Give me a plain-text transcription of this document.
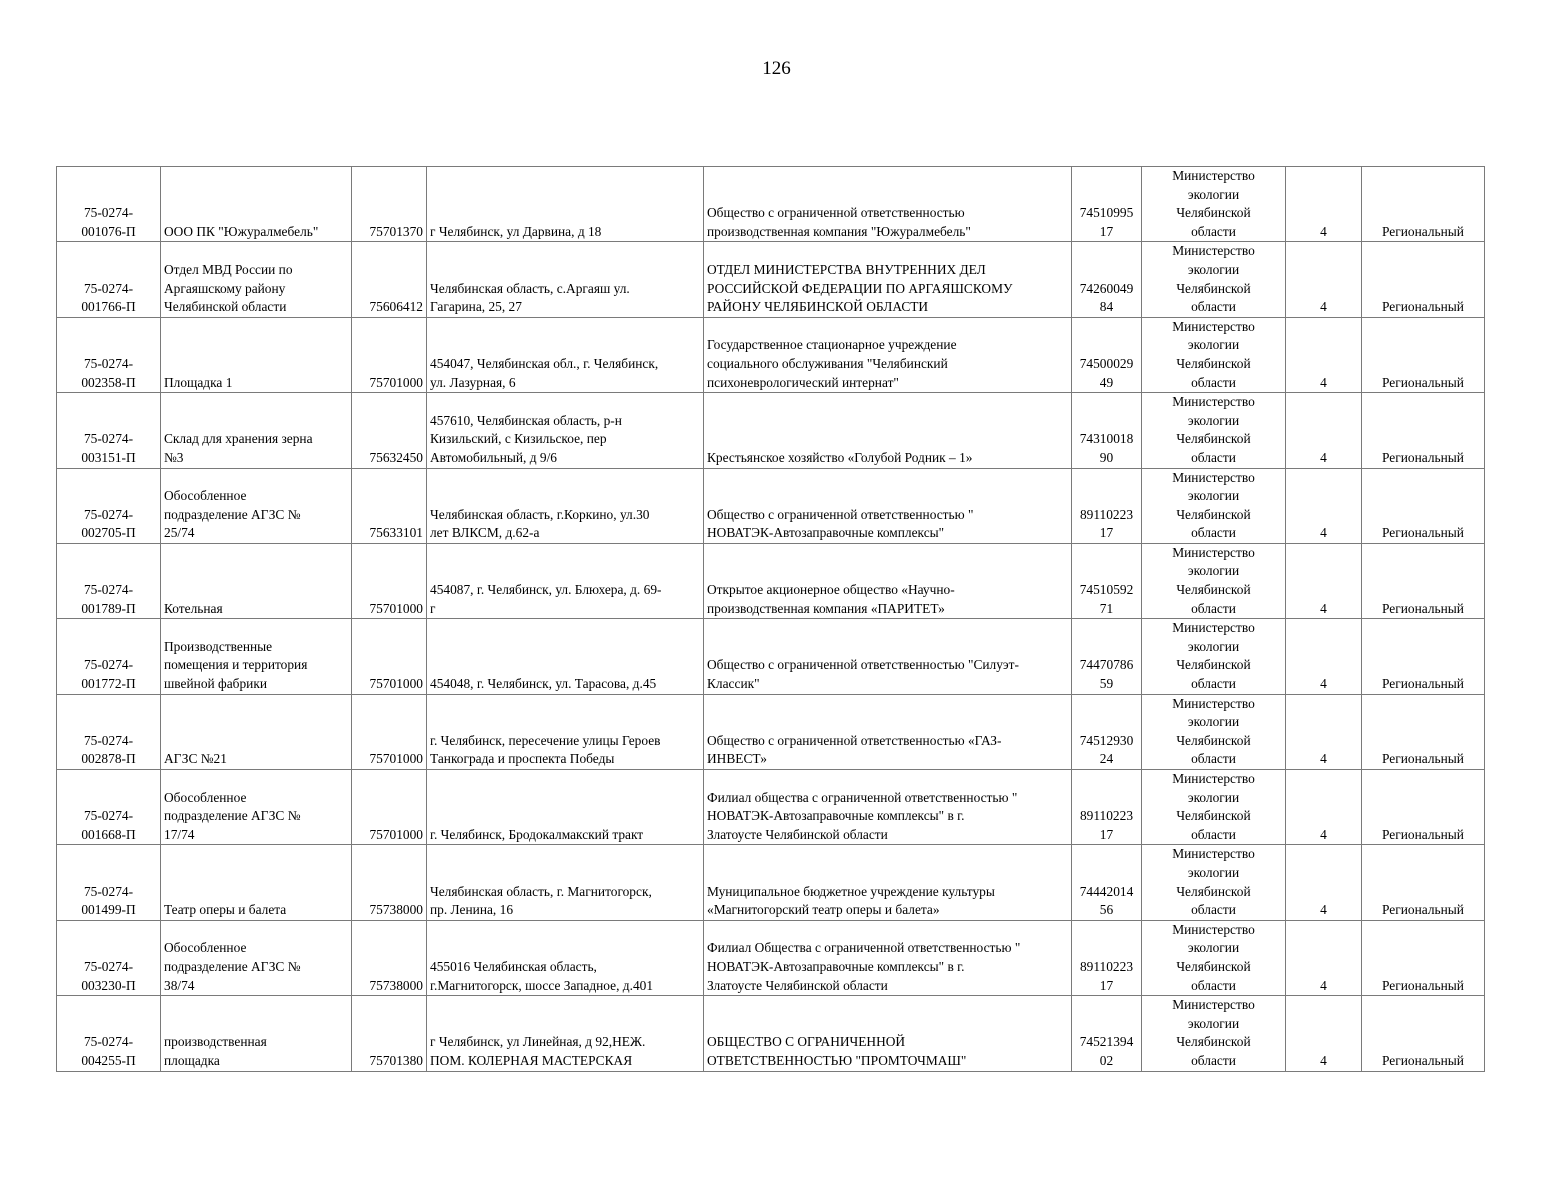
126
75-0274-
001076-П	ООО ПК "Южуралмебель"	75701370	г Челябинск, ул Дарвина, д 18	Общество с ограниченной ответственностью
производственная компания "Южуралмебель"	74510995
17	Министерство
экологии
Челябинской
области	4	Региональный
75-0274-
001766-П	Отдел МВД России по
Аргаяшскому району
Челябинской области	75606412	Челябинская область, с.Аргаяш ул.
Гагарина, 25, 27	ОТДЕЛ МИНИСТЕРСТВА ВНУТРЕННИХ ДЕЛ
РОССИЙСКОЙ ФЕДЕРАЦИИ ПО АРГАЯШСКОМУ
РАЙОНУ ЧЕЛЯБИНСКОЙ ОБЛАСТИ	74260049
84	Министерство
экологии
Челябинской
области	4	Региональный
75-0274-
002358-П	Площадка 1	75701000	454047, Челябинская обл., г. Челябинск,
ул. Лазурная, 6	Государственное стационарное учреждение
социального обслуживания "Челябинский
психоневрологический интернат"	74500029
49	Министерство
экологии
Челябинской
области	4	Региональный
75-0274-
003151-П	Склад для хранения зерна
№3	75632450	457610, Челябинская область, р-н
Кизильский, с Кизильское, пер
Автомобильный, д 9/6	Крестьянское хозяйство «Голубой Родник – 1»	74310018
90	Министерство
экологии
Челябинской
области	4	Региональный
75-0274-
002705-П	Обособленное
подразделение АГЗС №
25/74	75633101	Челябинская область, г.Коркино, ул.30
лет ВЛКСМ, д.62-а	Общество с ограниченной ответственностью "
НОВАТЭК-Автозаправочные комплексы"	89110223
17	Министерство
экологии
Челябинской
области	4	Региональный
75-0274-
001789-П	Котельная	75701000	454087, г. Челябинск, ул. Блюхера, д. 69-
г	Открытое акционерное общество «Научно-
производственная компания «ПАРИТЕТ»	74510592
71	Министерство
экологии
Челябинской
области	4	Региональный
75-0274-
001772-П	Производственные
помещения и территория
швейной фабрики	75701000	454048, г. Челябинск, ул. Тарасова, д.45	Общество с ограниченной ответственностью "Силуэт-
Классик"	74470786
59	Министерство
экологии
Челябинской
области	4	Региональный
75-0274-
002878-П	АГЗС №21	75701000	г. Челябинск, пересечение улицы Героев
Танкограда и проспекта Победы	Общество с ограниченной ответственностью «ГАЗ-
ИНВЕСТ»	74512930
24	Министерство
экологии
Челябинской
области	4	Региональный
75-0274-
001668-П	Обособленное
подразделение АГЗС №
17/74	75701000	г. Челябинск, Бродокалмакский тракт	Филиал общества с ограниченной ответственностью "
НОВАТЭК-Автозаправочные комплексы" в г.
Златоусте Челябинской области	89110223
17	Министерство
экологии
Челябинской
области	4	Региональный
75-0274-
001499-П	Театр оперы и балета	75738000	Челябинская область, г. Магнитогорск,
пр. Ленина, 16	Муниципальное бюджетное учреждение культуры
«Магнитогорский театр оперы и балета»	74442014
56	Министерство
экологии
Челябинской
области	4	Региональный
75-0274-
003230-П	Обособленное
подразделение АГЗС №
38/74	75738000	455016 Челябинская область,
г.Магнитогорск, шоссе Западное, д.401	Филиал Общества с ограниченной ответственностью "
НОВАТЭК-Автозаправочные комплексы" в г.
Златоусте Челябинской области	89110223
17	Министерство
экологии
Челябинской
области	4	Региональный
75-0274-
004255-П	производственная
площадка	75701380	г Челябинск, ул Линейная, д 92,НЕЖ.
ПОМ. КОЛЕРНАЯ МАСТЕРСКАЯ	ОБЩЕСТВО С ОГРАНИЧЕННОЙ
ОТВЕТСТВЕННОСТЬЮ "ПРОМТОЧМАШ"	74521394
02	Министерство
экологии
Челябинской
области	4	Региональный
